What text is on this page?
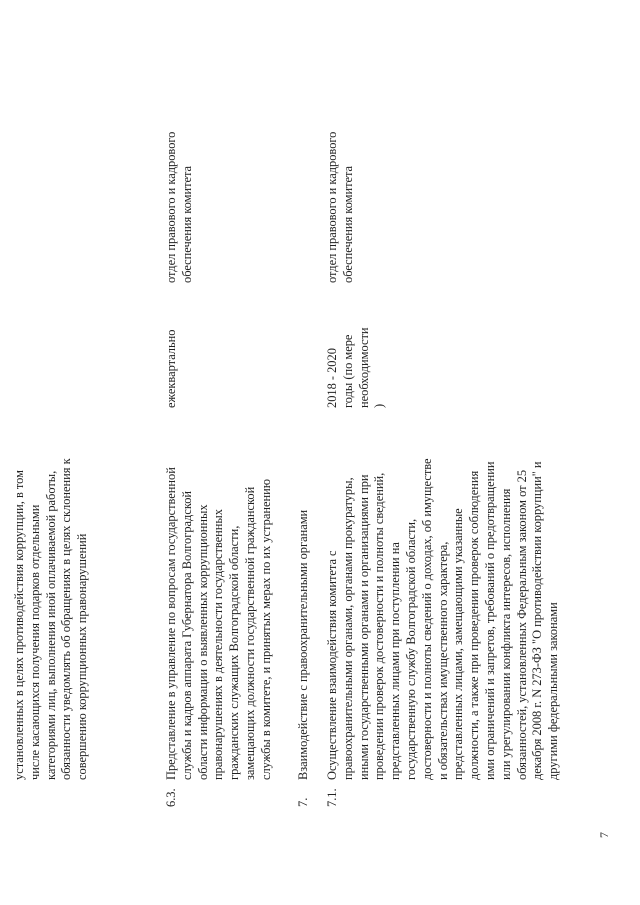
7
установленных в целях противодействия коррупции, в том числе касающихся получения подарков отдельными категориями лиц, выполнения иной оплачиваемой работы, обязанности уведомлять об обращениях в целях склонения к совершению коррупционных правонарушений
6.3.
Представление в управление по вопросам государственной службы и кадров аппарата Губернатора Волгоградской области информации о выявленных коррупционных правонарушениях в деятельности государственных гражданских служащих Волгоградской области, замещающих должности государственной гражданской службы в комитете, и принятых мерах по их устранению
ежеквартально
отдел правового и кадрового обеспечения комитета
7.
Взаимодействие с правоохранительными органами
7.1.
Осуществление взаимодействия комитета с правоохранительными органами, органами прокуратуры, иными государственными органами и организациями при проведении проверок достоверности и полноты сведений, представленных лицами при поступлении на государственную службу Волгоградской области, достоверности и полноты сведений о доходах, об имуществе и обязательствах имущественного характера, представленных лицами, замещающими указанные должности, а также при проведении проверок соблюдения ими ограничений и запретов, требований о предотвращении или урегулировании конфликта интересов, исполнения обязанностей, установленных Федеральным законом от 25 декабря 2008 г. N 273-ФЗ "О противодействии коррупции" и другими федеральными законами
2018 - 2020 годы (по мере необходимости )
отдел правового и кадрового обеспечения комитета
